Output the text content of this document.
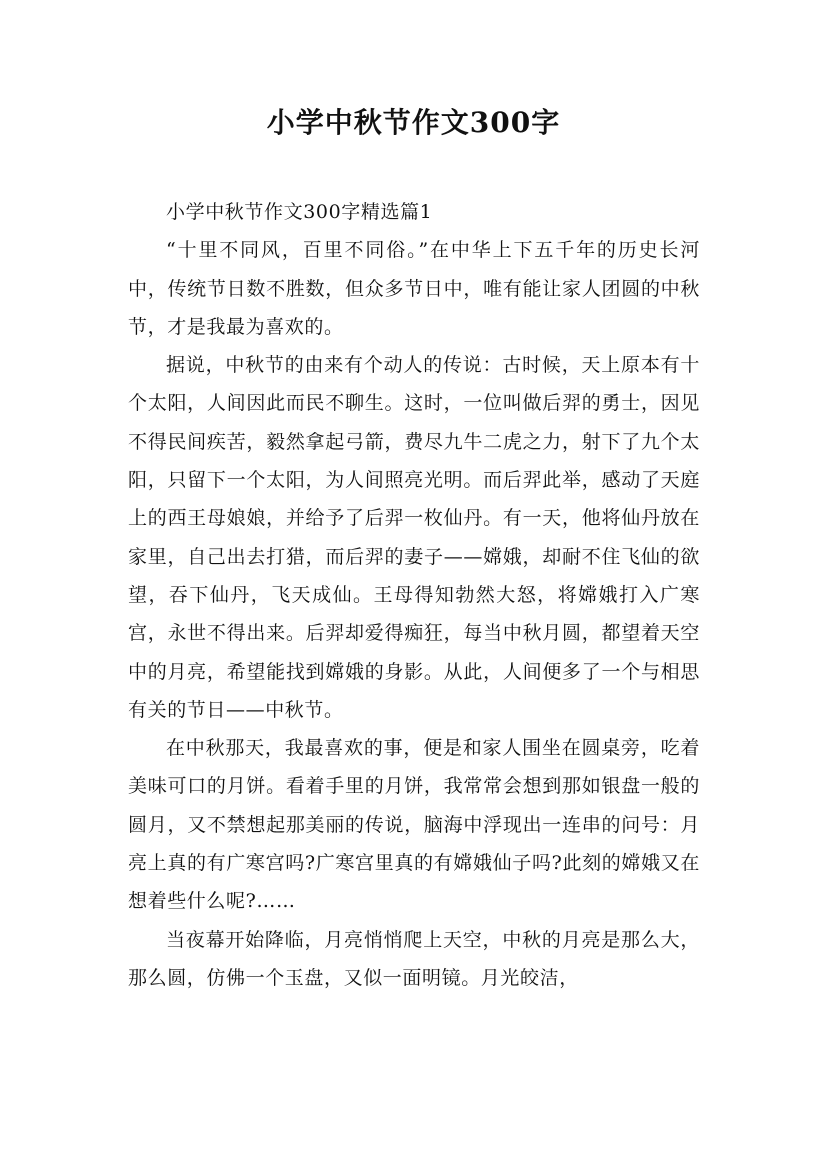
小学中秋节作文300字

小学中秋节作文300字精选篇1

“十里不同风，百里不同俗。”在中华上下五千年的历史长河中，传统节日数不胜数，但众多节日中，唯有能让家人团圆的中秋节，才是我最为喜欢的。

据说，中秋节的由来有个动人的传说：古时候，天上原本有十个太阳，人间因此而民不聊生。这时，一位叫做后羿的勇士，因见不得民间疾苦，毅然拿起弓箭，费尽九牛二虎之力，射下了九个太阳，只留下一个太阳，为人间照亮光明。而后羿此举，感动了天庭上的西王母娘娘，并给予了后羿一枚仙丹。有一天，他将仙丹放在家里，自己出去打猎，而后羿的妻子——嫦娥，却耐不住飞仙的欲望，吞下仙丹，飞天成仙。王母得知勃然大怒，将嫦娥打入广寒宫，永世不得出来。后羿却爱得痴狂，每当中秋月圆，都望着天空中的月亮，希望能找到嫦娥的身影。从此，人间便多了一个与相思有关的节日——中秋节。

在中秋那天，我最喜欢的事，便是和家人围坐在圆桌旁，吃着美味可口的月饼。看着手里的月饼，我常常会想到那如银盘一般的圆月，又不禁想起那美丽的传说，脑海中浮现出一连串的问号：月亮上真的有广寒宫吗?广寒宫里真的有嫦娥仙子吗?此刻的嫦娥又在想着些什么呢?……

当夜幕开始降临，月亮悄悄爬上天空，中秋的月亮是那么大，那么圆，仿佛一个玉盘，又似一面明镜。月光皎洁，
